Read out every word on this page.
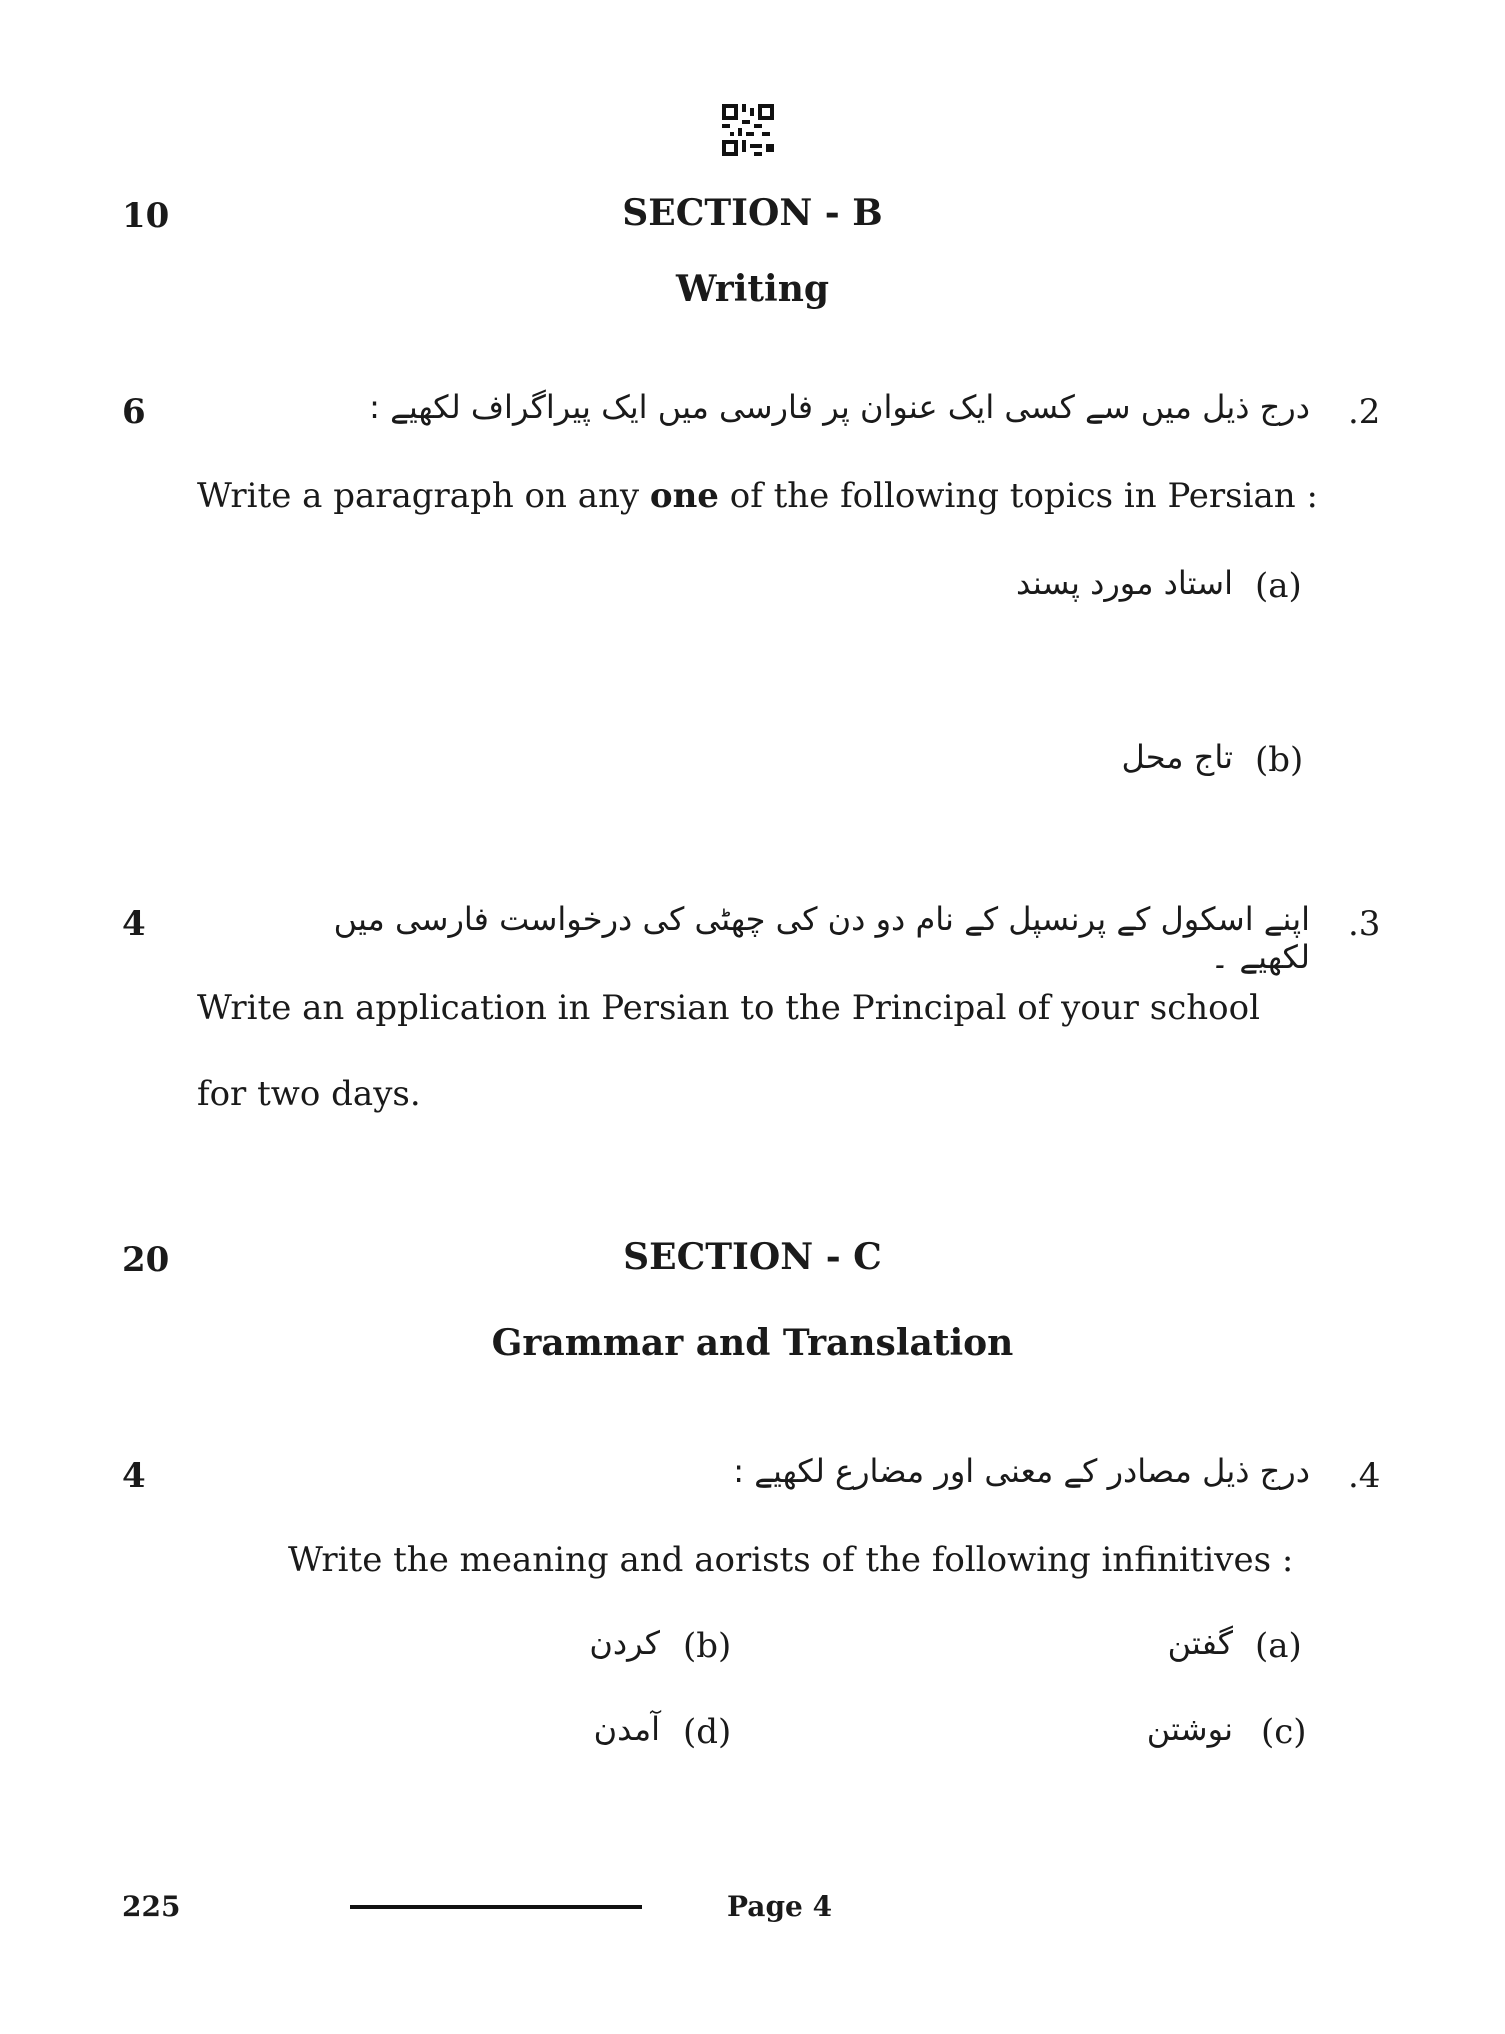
10	SECTION - B
Writing
6	.2
درج ذیل میں سے کسی ایک عنوان پر فارسی میں ایک پیراگراف لکھیے :
Write a paragraph on any one of the following topics in Persian :
(a)
استاد مورد پسند
(b)
تاج محل
4	.3
اپنے اسکول کے پرنسپل کے نام دو دن کی چھٹی کی درخواست فارسی میں لکھیے ۔
Write an application in Persian to the Principal of your school
for two days.
20	SECTION - C
Grammar and Translation
4	.4
درج ذیل مصادر کے معنی اور مضارع لکھیے :
Write the meaning and aorists of the following infinitives :
(a)
گفتن
(b)
کردن
(c)
نوشتن
(d)
آمدن
225	Page 4
